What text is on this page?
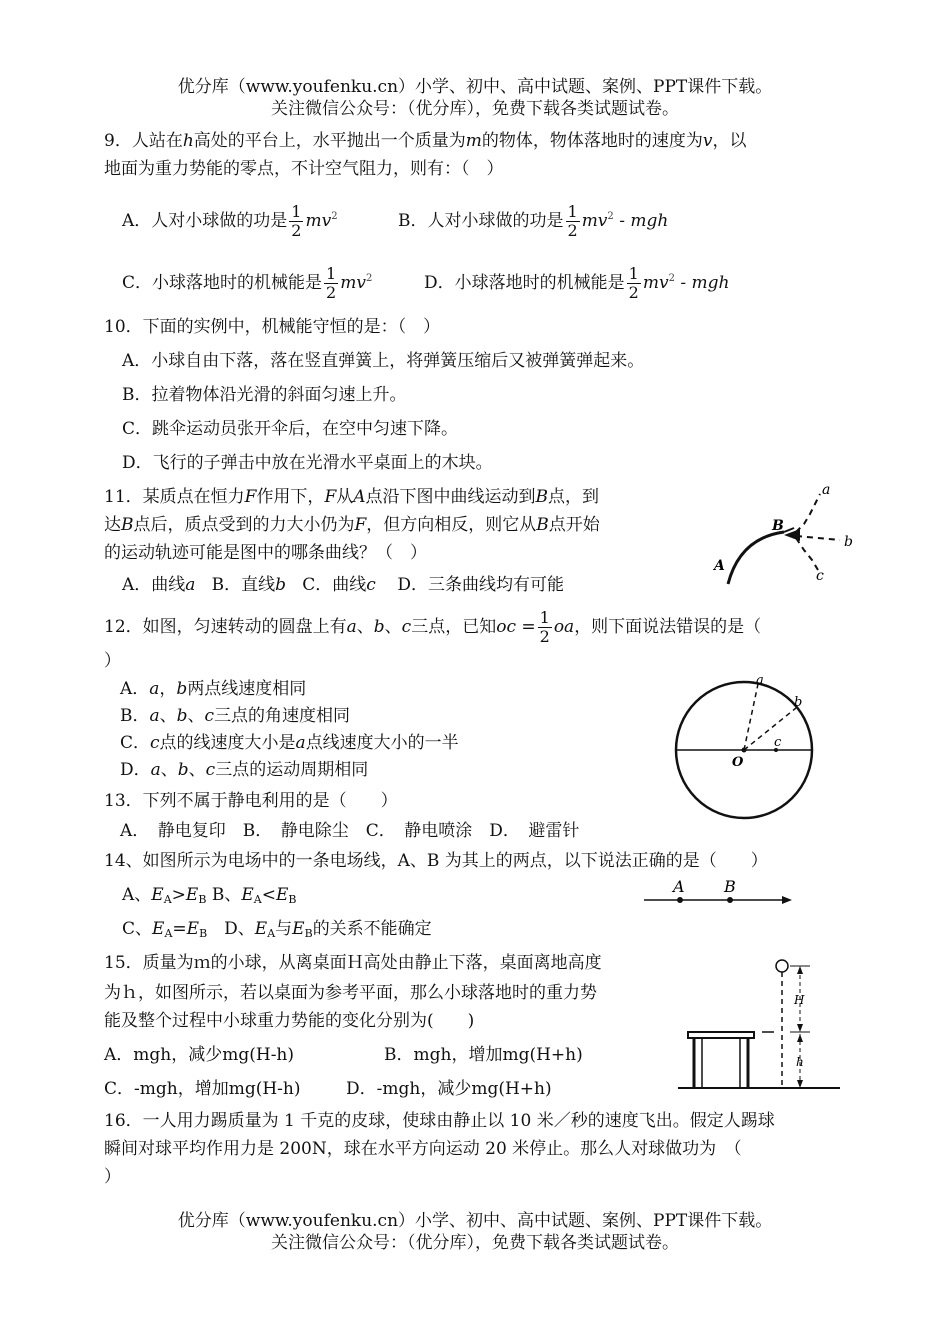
优分库（www.youfenku.cn）小学、初中、高中试题、案例、PPT课件下载。
关注微信公众号：（优分库），免费下载各类试题试卷。
9．人站在h高处的平台上，水平抛出一个质量为m的物体，物体落地时的速度为v，以
地面为重力势能的零点，不计空气阻力，则有：（　）
A．人对小球做的功是 $\frac{1}{2} mv^2$	B．人对小球做的功是 $\frac{1}{2} mv^2$ - mgh
C．小球落地时的机械能是 $\frac{1}{2} mv^2$	D．小球落地时的机械能是 $\frac{1}{2} mv^2$ - mgh
10．下面的实例中，机械能守恒的是：（　）
A．小球自由下落，落在竖直弹簧上，将弹簧压缩后又被弹簧弹起来。
B．拉着物体沿光滑的斜面匀速上升。
C．跳伞运动员张开伞后，在空中匀速下降。
D．飞行的子弹击中放在光滑水平桌面上的木块。
11．某质点在恒力F作用下，F从A点沿下图中曲线运动到B点，到
达B点后，质点受到的力大小仍为F，但方向相反，则它从B点开始
的运动轨迹可能是图中的哪条曲线？（　）
A．曲线a B．直线b C．曲线c D．三条曲线均有可能
a
b
c
A
B
12．如图，匀速转动的圆盘上有a、b、c三点，已知oc = $\frac{1}{2}$ oa，则下面说法错误的是（
）
A．a，b两点线速度相同
B．a、b、c三点的角速度相同
C．c点的线速度大小是a点线速度大小的一半
D．a、b、c三点的运动周期相同
a
b
c
O
13．下列不属于静电利用的是（　　）
A．　静电复印　B．　静电除尘　C．　静电喷涂　D．　避雷针
14、如图所示为电场中的一条电场线，A、B 为其上的两点，以下说法正确的是（　　）
A、$E_A>E_B$ B、$E_A<E_B$
C、$E_A=E_B$　D、$E_A$与$E_B$的关系不能确定
A B
15．质量为ｍ的小球，从离桌面Ｈ高处由静止下落，桌面离地高度
为ｈ，如图所示，若以桌面为参考平面，那么小球落地时的重力势
能及整个过程中小球重力势能的变化分别为(　　)
A．mgh，减少mg(H-h)	B．mgh，增加mg(H+h)
C．-mgh，增加mg(H-h)	D．-mgh，减少mg(H+h)
H
h
16．一人用力踢质量为 1 千克的皮球，使球由静止以 10 米／秒的速度飞出。假定人踢球
瞬间对球平均作用力是 200N，球在水平方向运动 20 米停止。那么人对球做功为　（
）
优分库（www.youfenku.cn）小学、初中、高中试题、案例、PPT课件下载。
关注微信公众号：（优分库），免费下载各类试题试卷。
